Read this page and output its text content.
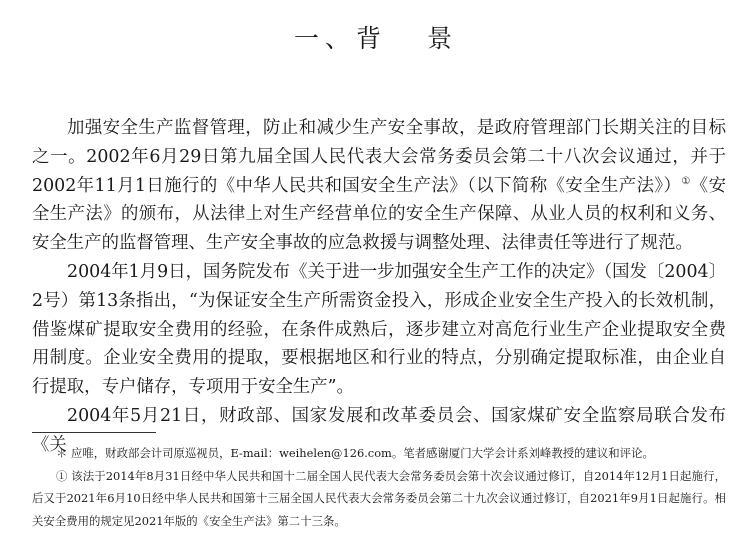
一、背 景

加强安全生产监督管理，防止和减少生产安全事故，是政府管理部门长期关注的目标之一。2002年6月29日第九届全国人民代表大会常务委员会第二十八次会议通过，并于2002年11月1日施行的《中华人民共和国安全生产法》（以下简称《安全生产法》）①《安全生产法》的颁布，从法律上对生产经营单位的安全生产保障、从业人员的权利和义务、安全生产的监督管理、生产安全事故的应急救援与调整处理、法律责任等进行了规范。

2004年1月9日，国务院发布《关于进一步加强安全生产工作的决定》（国发〔2004〕2号）第13条指出，“为保证安全生产所需资金投入，形成企业安全生产投入的长效机制，借鉴煤矿提取安全费用的经验，在条件成熟后，逐步建立对高危行业生产企业提取安全费用制度。企业安全费用的提取，要根据地区和行业的特点，分别确定提取标准，由企业自行提取，专户储存，专项用于安全生产”。

2004年5月21日，财政部、国家发展和改革委员会、国家煤矿安全监察局联合发布《关

＊ 应唯，财政部会计司原巡视员，E-mail：weihelen@126.com。笔者感谢厦门大学会计系刘峰教授的建议和评论。

① 该法于2014年8月31日经中华人民共和国十二届全国人民代表大会常务委员会第十次会议通过修订，自2014年12月1日起施行，后又于2021年6月10日经中华人民共和国第十三届全国人民代表大会常务委员会第二十九次会议通过修订，自2021年9月1日起施行。相关安全费用的规定见2021年版的《安全生产法》第二十三条。
